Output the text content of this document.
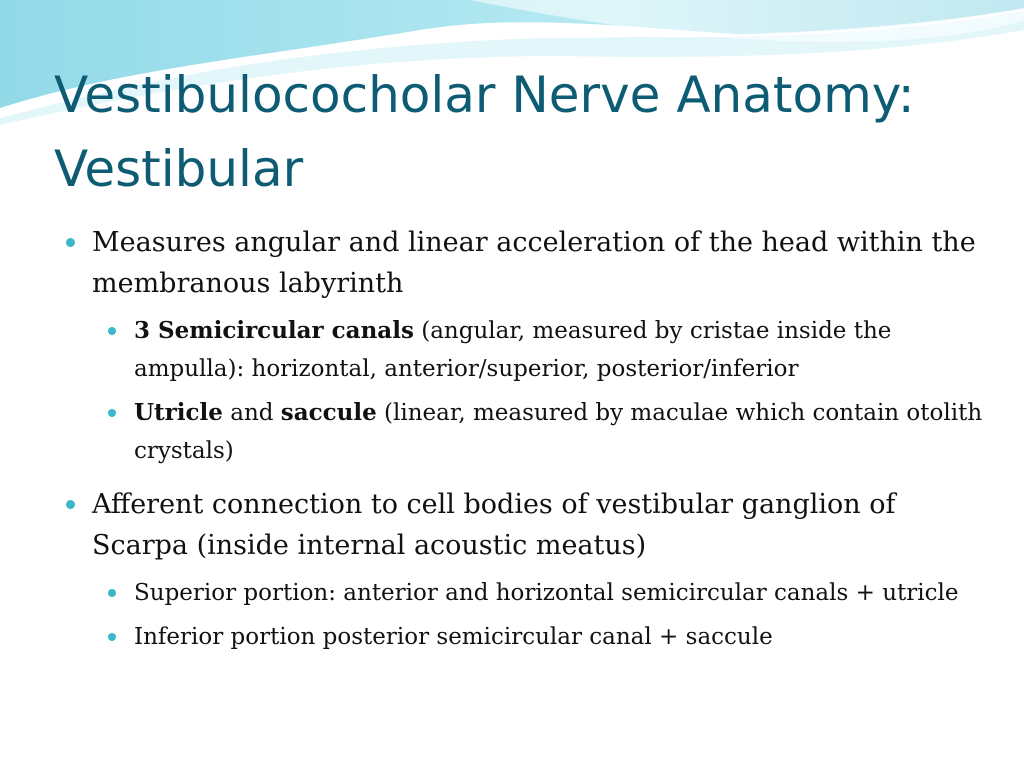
Vestibulococholar Nerve Anatomy: Vestibular
Measures angular and linear acceleration of the head within the membranous labyrinth
3 Semicircular canals (angular, measured by cristae inside the ampulla): horizontal, anterior/superior, posterior/inferior
Utricle and saccule (linear, measured by maculae which contain otolith crystals)
Afferent connection to cell bodies of vestibular ganglion of Scarpa (inside internal acoustic meatus)
Superior portion: anterior and horizontal semicircular canals + utricle
Inferior portion posterior semicircular canal + saccule
